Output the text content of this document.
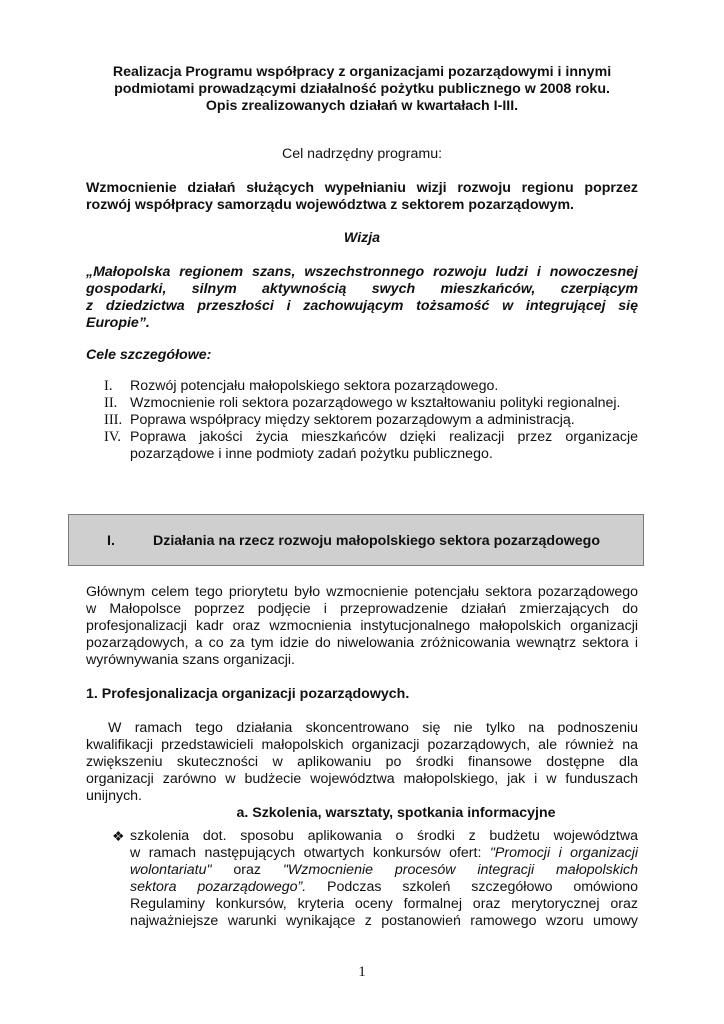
Realizacja Programu współpracy z organizacjami pozarządowymi i innymi
podmiotami prowadzącymi działalność pożytku publicznego w 2008 roku.
Opis zrealizowanych działań w kwartałach I-III.
Cel nadrzędny programu:
Wzmocnienie działań służących wypełnianiu wizji rozwoju regionu poprzez
rozwój współpracy samorządu województwa z sektorem pozarządowym.
Wizja
„Małopolska regionem szans, wszechstronnego rozwoju ludzi i nowoczesnej
gospodarki, silnym aktywnością swych mieszkańców, czerpiącym
z dziedzictwa przeszłości i zachowującym tożsamość w integrującej się
Europie”.
Cele szczegółowe:
I. Rozwój potencjału małopolskiego sektora pozarządowego.
II. Wzmocnienie roli sektora pozarządowego w kształtowaniu polityki regionalnej.
III. Poprawa współpracy między sektorem pozarządowym a administracją.
IV. Poprawa jakości życia mieszkańców dzięki realizacji przez organizacje
pozarządowe i inne podmioty zadań pożytku publicznego.
I.	Działania na rzecz rozwoju małopolskiego sektora pozarządowego
Głównym celem tego priorytetu było wzmocnienie potencjału sektora pozarządowego
w Małopolsce poprzez podjęcie i przeprowadzenie działań zmierzających do
profesjonalizacji kadr oraz wzmocnienia instytucjonalnego małopolskich organizacji
pozarządowych, a co za tym idzie do niwelowania zróżnicowania wewnątrz sektora i
wyrównywania szans organizacji.
1. Profesjonalizacja organizacji pozarządowych.
W ramach tego działania skoncentrowano się nie tylko na podnoszeniu
kwalifikacji przedstawicieli małopolskich organizacji pozarządowych, ale również na
zwiększeniu skuteczności w aplikowaniu po środki finansowe dostępne dla
organizacji zarówno w budżecie województwa małopolskiego, jak i w funduszach
unijnych.
a. Szkolenia, warsztaty, spotkania informacyjne
❖ szkolenia dot. sposobu aplikowania o środki z budżetu województwa
w ramach następujących otwartych konkursów ofert: "Promocji i organizacji
wolontariatu" oraz "Wzmocnienie procesów integracji małopolskich
sektora pozarządowego”. Podczas szkoleń szczegółowo omówiono
Regulaminy konkursów, kryteria oceny formalnej oraz merytorycznej oraz
najważniejsze warunki wynikające z postanowień ramowego wzoru umowy
1
